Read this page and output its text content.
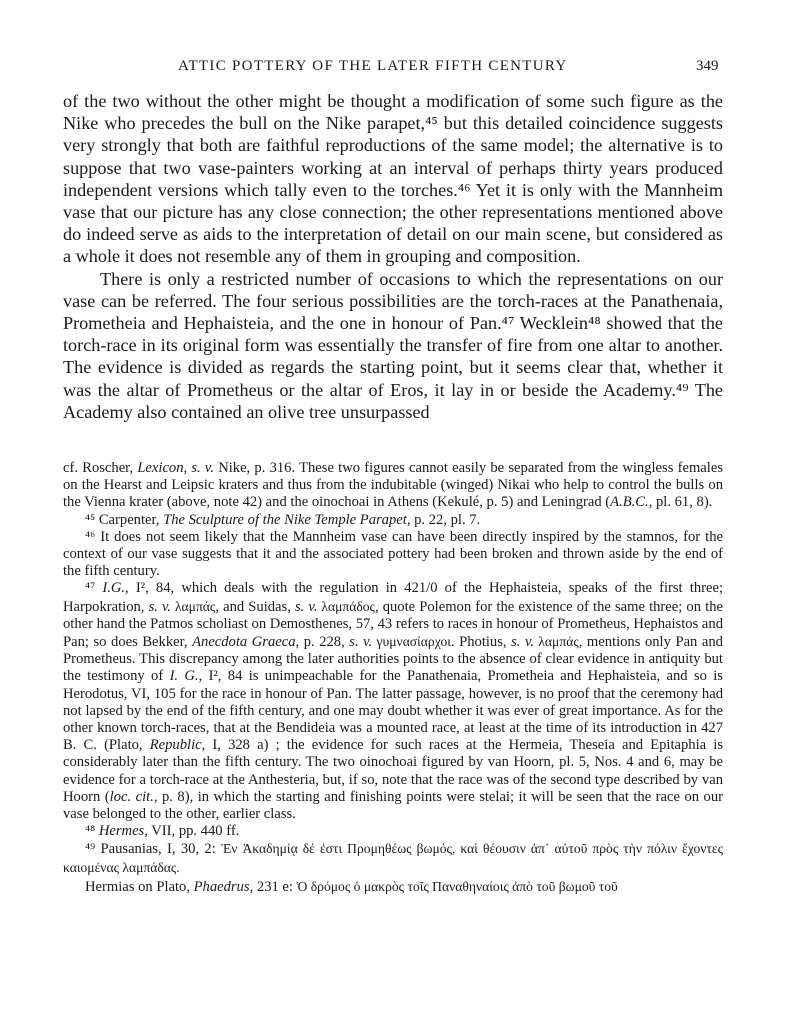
ATTIC POTTERY OF THE LATER FIFTH CENTURY	349

of the two without the other might be thought a modification of some such figure as the Nike who precedes the bull on the Nike parapet,⁴⁵ but this detailed coincidence suggests very strongly that both are faithful reproductions of the same model; the alternative is to suppose that two vase-painters working at an interval of perhaps thirty years produced independent versions which tally even to the torches.⁴⁶ Yet it is only with the Mannheim vase that our picture has any close connection; the other representations mentioned above do indeed serve as aids to the interpretation of detail on our main scene, but considered as a whole it does not resemble any of them in grouping and composition.

There is only a restricted number of occasions to which the representations on our vase can be referred. The four serious possibilities are the torch-races at the Panathenaia, Prometheia and Hephaisteia, and the one in honour of Pan.⁴⁷ Wecklein⁴⁸ showed that the torch-race in its original form was essentially the transfer of fire from one altar to another. The evidence is divided as regards the starting point, but it seems clear that, whether it was the altar of Prometheus or the altar of Eros, it lay in or beside the Academy.⁴⁹ The Academy also contained an olive tree unsurpassed

cf. Roscher, Lexicon, s. v. Nike, p. 316. These two figures cannot easily be separated from the wingless females on the Hearst and Leipsic kraters and thus from the indubitable (winged) Nikai who help to control the bulls on the Vienna krater (above, note 42) and the oinochoai in Athens (Kekulé, p. 5) and Leningrad (A.B.C., pl. 61, 8).

⁴⁵ Carpenter, The Sculpture of the Nike Temple Parapet, p. 22, pl. 7.

⁴⁶ It does not seem likely that the Mannheim vase can have been directly inspired by the stamnos, for the context of our vase suggests that it and the associated pottery had been broken and thrown aside by the end of the fifth century.

⁴⁷ I.G., I², 84, which deals with the regulation in 421/0 of the Hephaisteia, speaks of the first three; Harpokration, s. v. λαμπάς, and Suidas, s. v. λαμπάδος, quote Polemon for the existence of the same three; on the other hand the Patmos scholiast on Demosthenes, 57, 43 refers to races in honour of Prometheus, Hephaistos and Pan; so does Bekker, Anecdota Graeca, p. 228, s. v. γυμνασίαρχοι. Photius, s. v. λαμπάς, mentions only Pan and Prometheus. This discrepancy among the later authorities points to the absence of clear evidence in antiquity but the testimony of I. G., I², 84 is unimpeachable for the Panathenaia, Prometheia and Hephaisteia, and so is Herodotus, VI, 105 for the race in honour of Pan. The latter passage, however, is no proof that the ceremony had not lapsed by the end of the fifth century, and one may doubt whether it was ever of great importance. As for the other known torch-races, that at the Bendideia was a mounted race, at least at the time of its introduction in 427 B. C. (Plato, Republic, I, 328 a) ; the evidence for such races at the Hermeia, Theseia and Epitaphia is considerably later than the fifth century. The two oinochoai figured by van Hoorn, pl. 5, Nos. 4 and 6, may be evidence for a torch-race at the Anthesteria, but, if so, note that the race was of the second type described by van Hoorn (loc. cit., p. 8), in which the starting and finishing points were stelai; it will be seen that the race on our vase belonged to the other, earlier class.

⁴⁸ Hermes, VII, pp. 440 ff.

⁴⁹ Pausanias, I, 30, 2: Ἐν Ἀκαδημίᾳ δέ ἐστι Προμηθέως βωμός, καὶ θέουσιν ἀπ᾽ αὐτοῦ πρὸς τὴν πόλιν ἔχοντες καιομένας λαμπάδας.

Hermias on Plato, Phaedrus, 231 e: Ὁ δρόμος ὁ μακρὸς τοῖς Παναθηναίοις ἀπὸ τοῦ βωμοῦ τοῦ
